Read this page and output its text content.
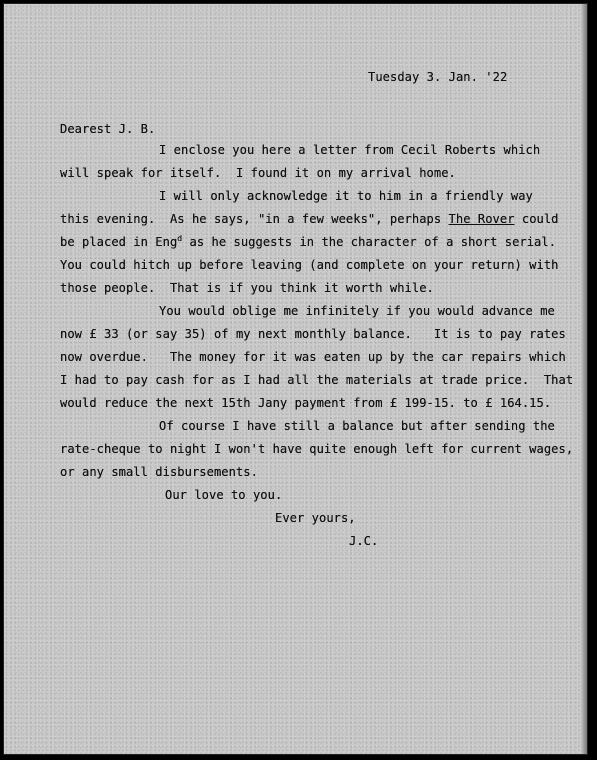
Tuesday 3. Jan. '22
Dearest J. B.
I enclose you here a letter from Cecil Roberts which
will speak for itself.  I found it on my arrival home.
I will only acknowledge it to him in a friendly way
this evening.  As he says, "in a few weeks", perhaps The Rover could
be placed in Eng$^d$ as he suggests in the character of a short serial.
You could hitch up before leaving (and complete on your return) with
those people.  That is if you think it worth while.
You would oblige me infinitely if you would advance me
now £ 33 (or say 35) of my next monthly balance.   It is to pay rates
now overdue.   The money for it was eaten up by the car repairs which
I had to pay cash for as I had all the materials at trade price.  That
would reduce the next 15th Jany payment from £ 199-15. to £ 164.15.
Of course I have still a balance but after sending the
rate-cheque to night I won't have quite enough left for current wages,
or any small disbursements.
Our love to you.
Ever yours,
J.C.
